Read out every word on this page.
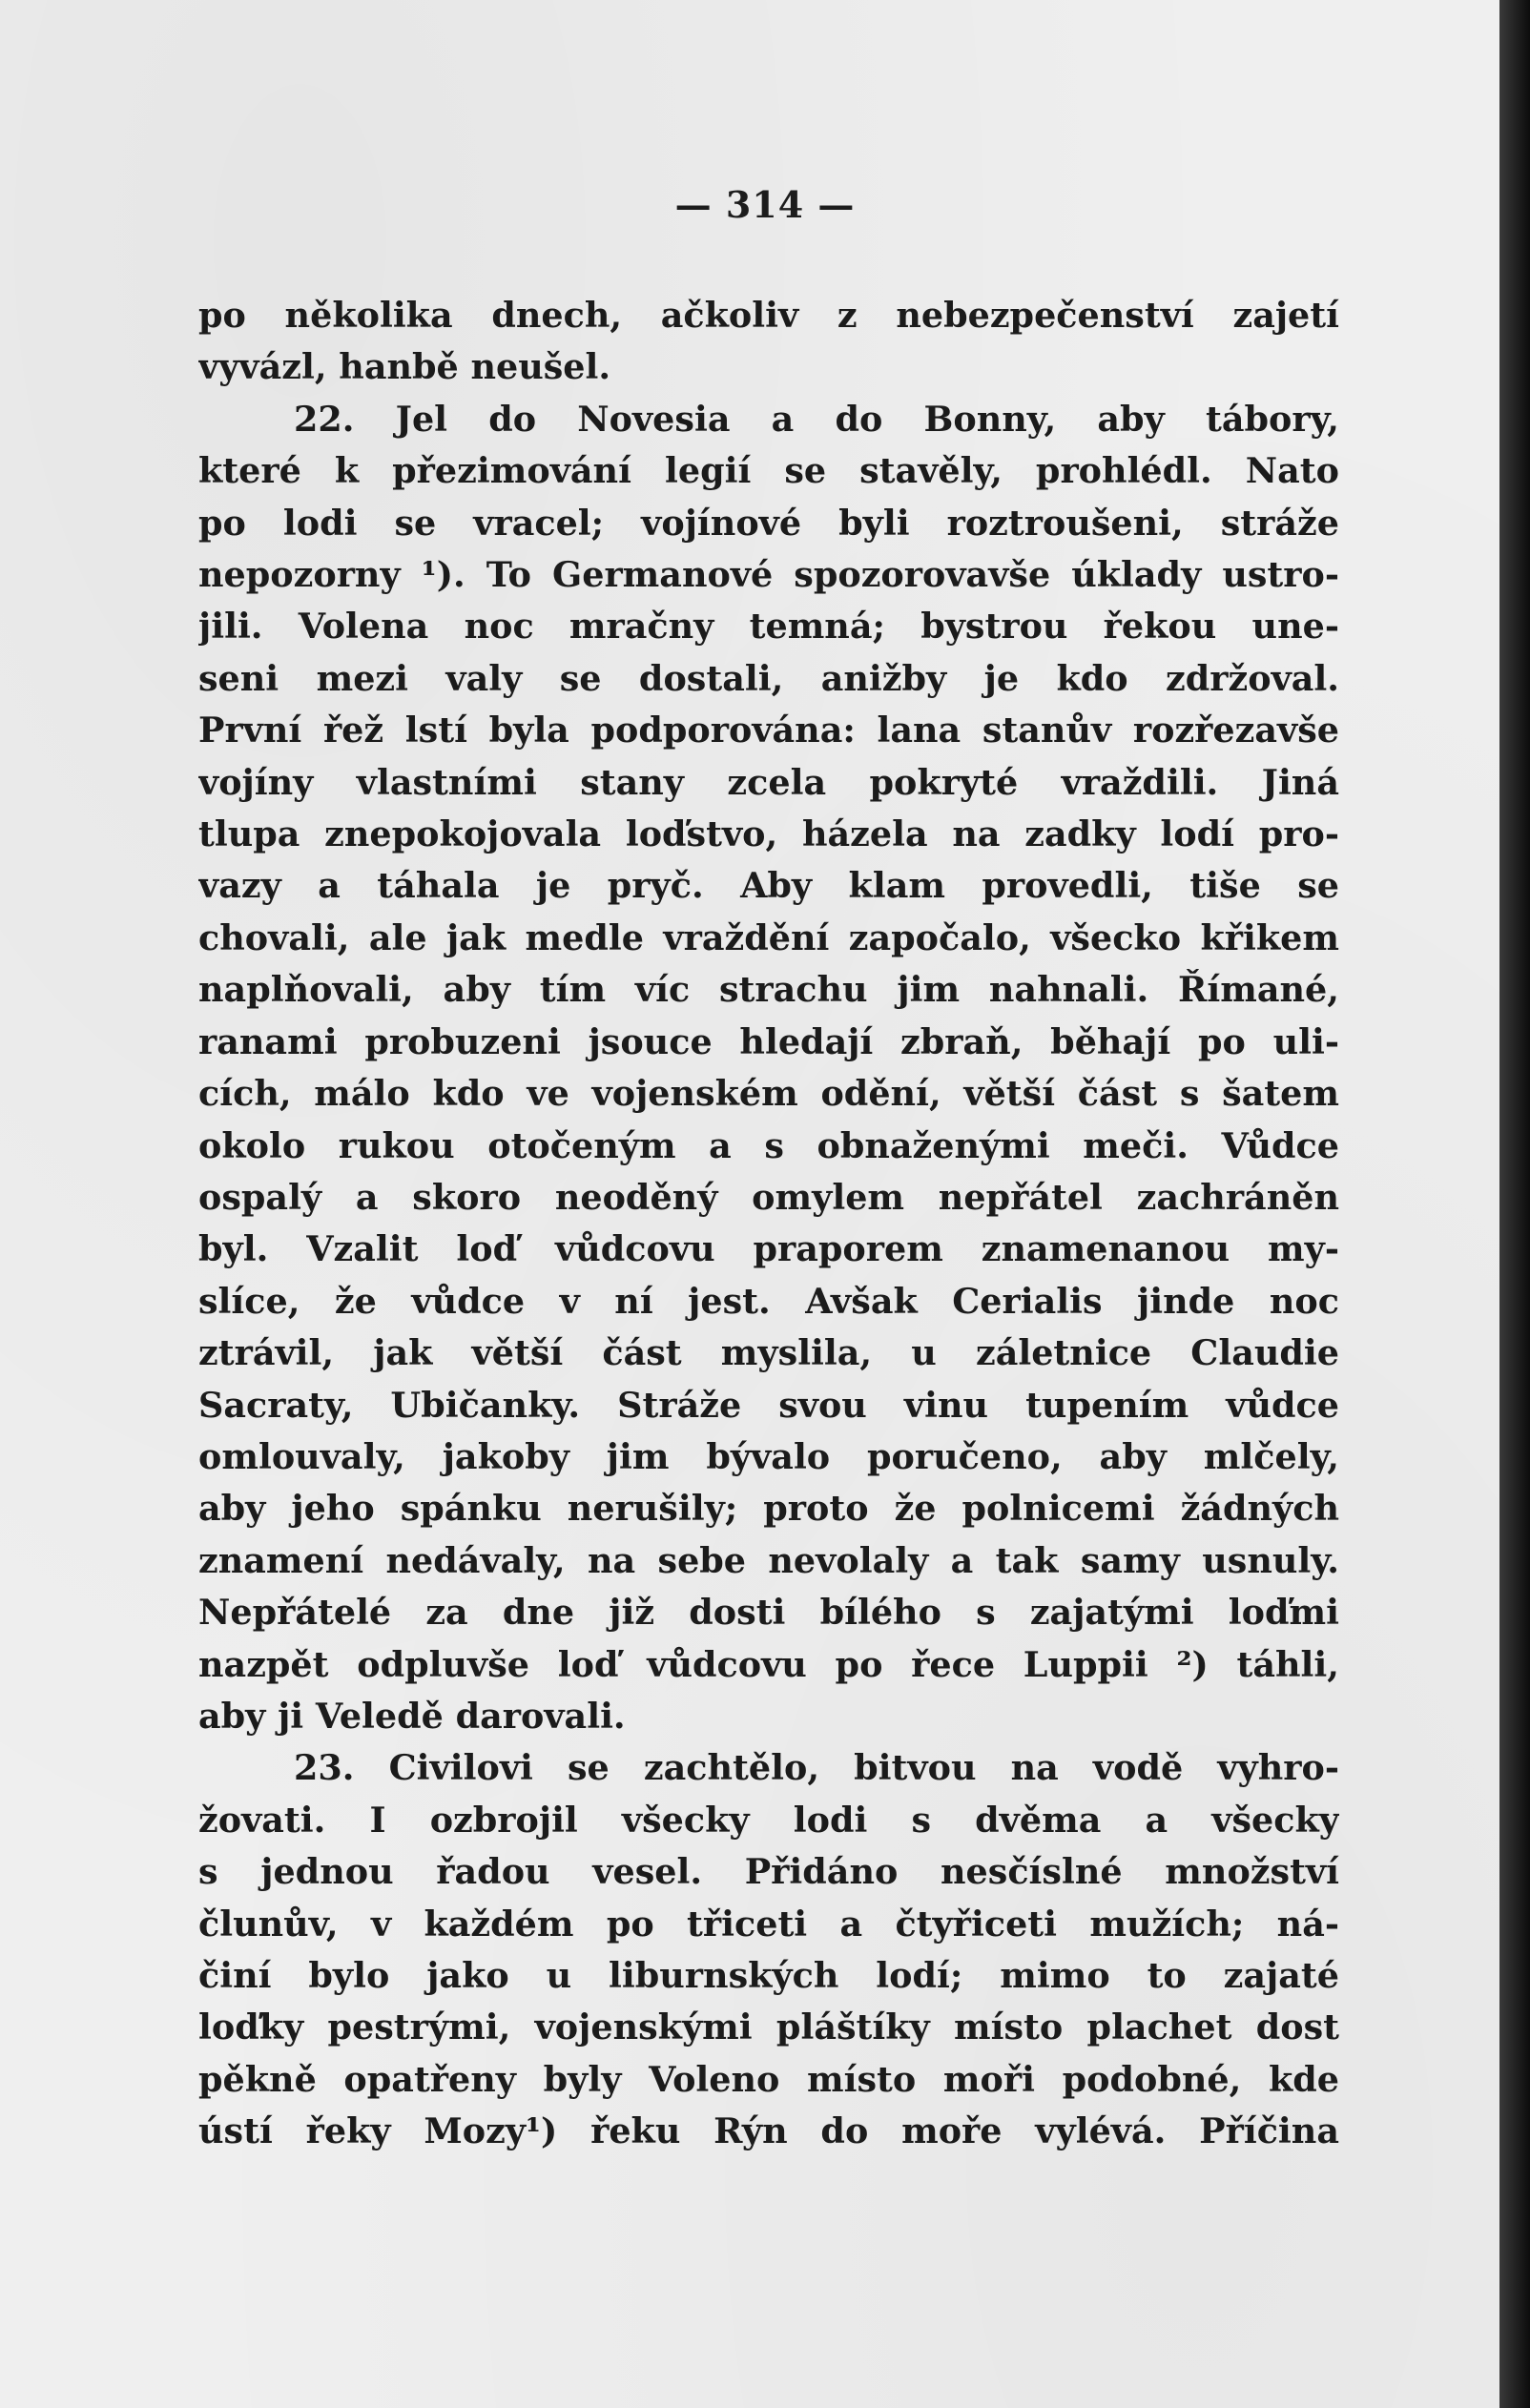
— 314 —
po několika dnech, ačkoliv z nebezpečenství zajetí
vyvázl, hanbě neušel.
22. Jel do Novesia a do Bonny, aby tábory,
které k přezimování legií se stavěly, prohlédl. Nato
po lodi se vracel; vojínové byli roztroušeni, stráže
nepozorny ¹). To Germanové spozorovavše úklady ustro-
jili. Volena noc mračny temná; bystrou řekou une-
seni mezi valy se dostali, anižby je kdo zdržoval.
První řež lstí byla podporována: lana stanův rozřezavše
vojíny vlastními stany zcela pokryté vraždili. Jiná
tlupa znepokojovala loďstvo, házela na zadky lodí pro-
vazy a táhala je pryč. Aby klam provedli, tiše se
chovali, ale jak medle vraždění započalo, všecko křikem
naplňovali, aby tím víc strachu jim nahnali. Římané,
ranami probuzeni jsouce hledají zbraň, běhají po uli-
cích, málo kdo ve vojenském odění, větší část s šatem
okolo rukou otočeným a s obnaženými meči. Vůdce
ospalý a skoro neoděný omylem nepřátel zachráněn
byl. Vzalit loď vůdcovu praporem znamenanou my-
slíce, že vůdce v ní jest. Avšak Cerialis jinde noc
ztrávil, jak větší část myslila, u záletnice Claudie
Sacraty, Ubičanky. Stráže svou vinu tupením vůdce
omlouvaly, jakoby jim bývalo poručeno, aby mlčely,
aby jeho spánku nerušily; proto že polnicemi žádných
znamení nedávaly, na sebe nevolaly a tak samy usnuly.
Nepřátelé za dne již dosti bílého s zajatými loďmi
nazpět odpluvše loď vůdcovu po řece Luppii ²) táhli,
aby ji Veledě darovali.
23. Civilovi se zachtělo, bitvou na vodě vyhro-
žovati. I ozbrojil všecky lodi s dvěma a všecky
s jednou řadou vesel. Přidáno nesčíslné množství
člunův, v každém po třiceti a čtyřiceti mužích; ná-
činí bylo jako u liburnských lodí; mimo to zajaté
loďky pestrými, vojenskými pláštíky místo plachet dost
pěkně opatřeny byly Voleno místo moři podobné, kde
ústí řeky Mozy¹) řeku Rýn do moře vylévá. Příčina
